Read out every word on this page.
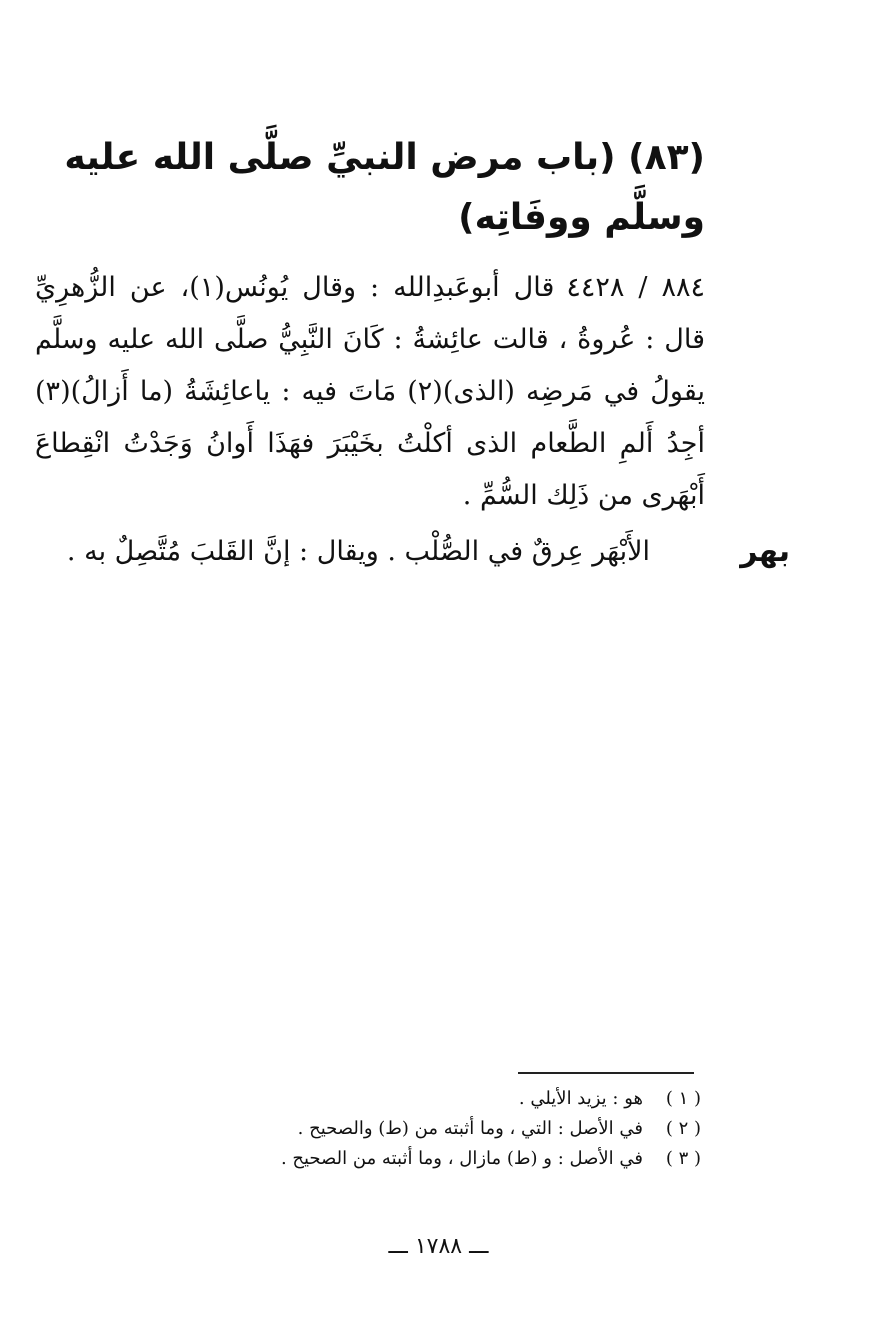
(٨٣) (باب مرض النبيِّ صلَّى الله عليه وسلَّم ووفَاتِه)

٨٨٤ / ٤٤٢٨قال أبوعَبدِالله : وقال يُونُس(١)، عن الزُّهرِيِّ قال : عُروةُ ، قالت عائِشةُ : كَانَ النَّبِيُّ صلَّى الله عليه وسلَّم يقولُ في مَرضِه (الذى)(٢) مَاتَ فيه : ياعائِشَةُ (ما أَزالُ)(٣) أجِدُ أَلمِ الطَّعام الذى أكلْتُ بخَيْبَرَ فهَذَا أَوانُ وَجَدْتُ انْقِطاعَ أَبْهَرى من ذَلِك السُّمِّ .

بهر
الأَبْهَر عِرقٌ في الصُّلْب . ويقال : إنَّ القَلبَ مُتَّصِلٌ به .
( ١ )هو : يزيد الأيلي .
( ٢ )في الأصل : التي ، وما أثبته من (ط) والصحيح .
( ٣ )في الأصل : و (ط) مازال ، وما أثبته من الصحيح .
ـــ ١٧٨٨ ـــ
